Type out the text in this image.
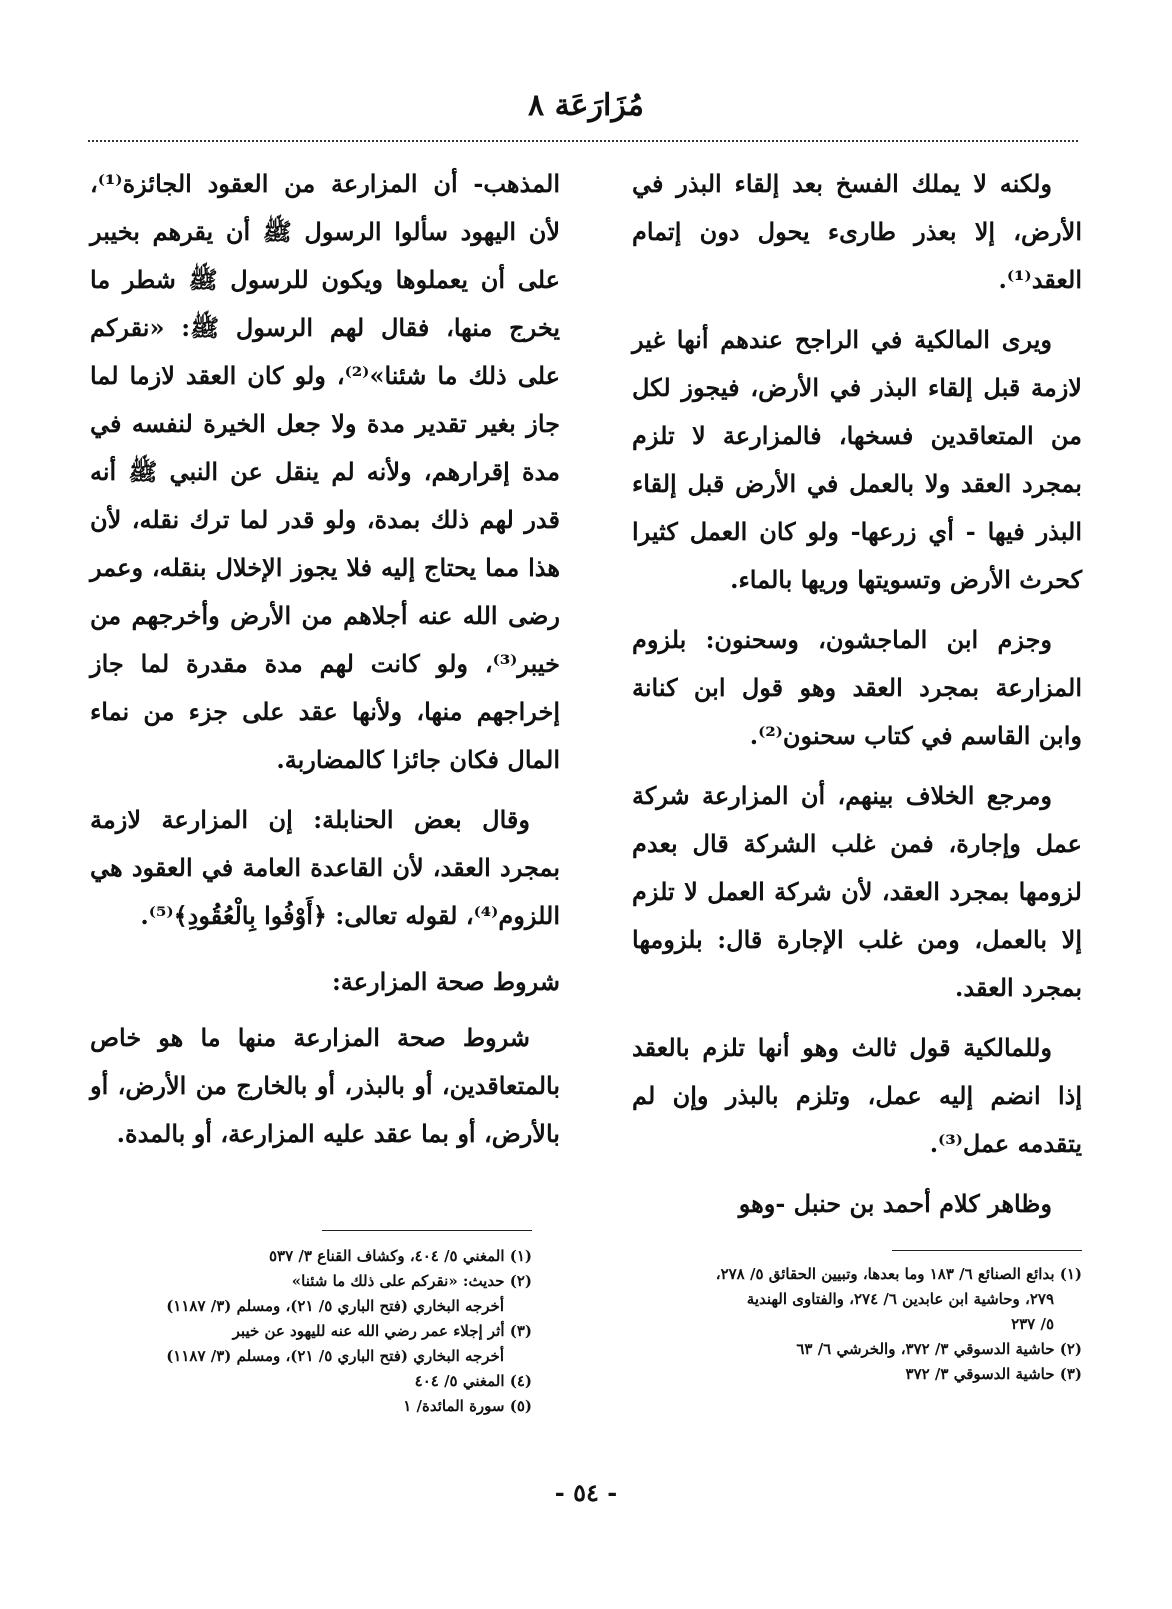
مُزَارَعَة ٨

ولكنه لا يملك الفسخ بعد إلقاء البذر في الأرض، إلا بعذر طارىء يحول دون إتمام العقد⁽¹⁾.

ويرى المالكية في الراجح عندهم أنها غير لازمة قبل إلقاء البذر في الأرض، فيجوز لكل من المتعاقدين فسخها، فالمزارعة لا تلزم بمجرد العقد ولا بالعمل في الأرض قبل إلقاء البذر فيها - أي زرعها- ولو كان العمل كثيرا كحرث الأرض وتسويتها وريها بالماء.

وجزم ابن الماجشون، وسحنون: بلزوم المزارعة بمجرد العقد وهو قول ابن كنانة وابن القاسم في كتاب سحنون⁽²⁾.

ومرجع الخلاف بينهم، أن المزارعة شركة عمل وإجارة، فمن غلب الشركة قال بعدم لزومها بمجرد العقد، لأن شركة العمل لا تلزم إلا بالعمل، ومن غلب الإجارة قال: بلزومها بمجرد العقد.

وللمالكية قول ثالث وهو أنها تلزم بالعقد إذا انضم إليه عمل، وتلزم بالبذر وإن لم يتقدمه عمل⁽³⁾.

وظاهر كلام أحمد بن حنبل -وهو

المذهب- أن المزارعة من العقود الجائزة⁽¹⁾، لأن اليهود سألوا الرسول ﷺ أن يقرهم بخيبر على أن يعملوها ويكون للرسول ﷺ شطر ما يخرج منها، فقال لهم الرسول ﷺ: «نقركم على ذلك ما شئنا»⁽²⁾، ولو كان العقد لازما لما جاز بغير تقدير مدة ولا جعل الخيرة لنفسه في مدة إقرارهم، ولأنه لم ينقل عن النبي ﷺ أنه قدر لهم ذلك بمدة، ولو قدر لما ترك نقله، لأن هذا مما يحتاج إليه فلا يجوز الإخلال بنقله، وعمر رضى الله عنه أجلاهم من الأرض وأخرجهم من خيبر⁽³⁾، ولو كانت لهم مدة مقدرة لما جاز إخراجهم منها، ولأنها عقد على جزء من نماء المال فكان جائزا كالمضاربة.

وقال بعض الحنابلة: إن المزارعة لازمة بمجرد العقد، لأن القاعدة العامة في العقود هي اللزوم⁽⁴⁾، لقوله تعالى: ﴿أَوْفُوا بِالْعُقُودِ﴾⁽⁵⁾.

شروط صحة المزارعة:

شروط صحة المزارعة منها ما هو خاص بالمتعاقدين، أو بالبذر، أو بالخارج من الأرض، أو بالأرض، أو بما عقد عليه المزارعة، أو بالمدة.

(١) بدائع الصنائع ٦/ ١٨٣ وما بعدها، وتبيين الحقائق ٥/ ٢٧٨،
٢٧٩، وحاشية ابن عابدين ٦/ ٢٧٤، والفتاوى الهندية
٥/ ٢٣٧
(٢) حاشية الدسوقي ٣/ ٣٧٢، والخرشي ٦/ ٦٣
(٣) حاشية الدسوقي ٣/ ٣٧٢
(١) المغني ٥/ ٤٠٤، وكشاف القناع ٣/ ٥٣٧
(٢) حديث: «نقركم على ذلك ما شئنا»
أخرجه البخاري (فتح الباري ٥/ ٢١)، ومسلم (٣/ ١١٨٧)
(٣) أثر إجلاء عمر رضي الله عنه لليهود عن خيبر
أخرجه البخاري (فتح الباري ٥/ ٢١)، ومسلم (٣/ ١١٨٧)
(٤) المغني ٥/ ٤٠٤
(٥) سورة المائدة/ ١
- ٥٤ -
